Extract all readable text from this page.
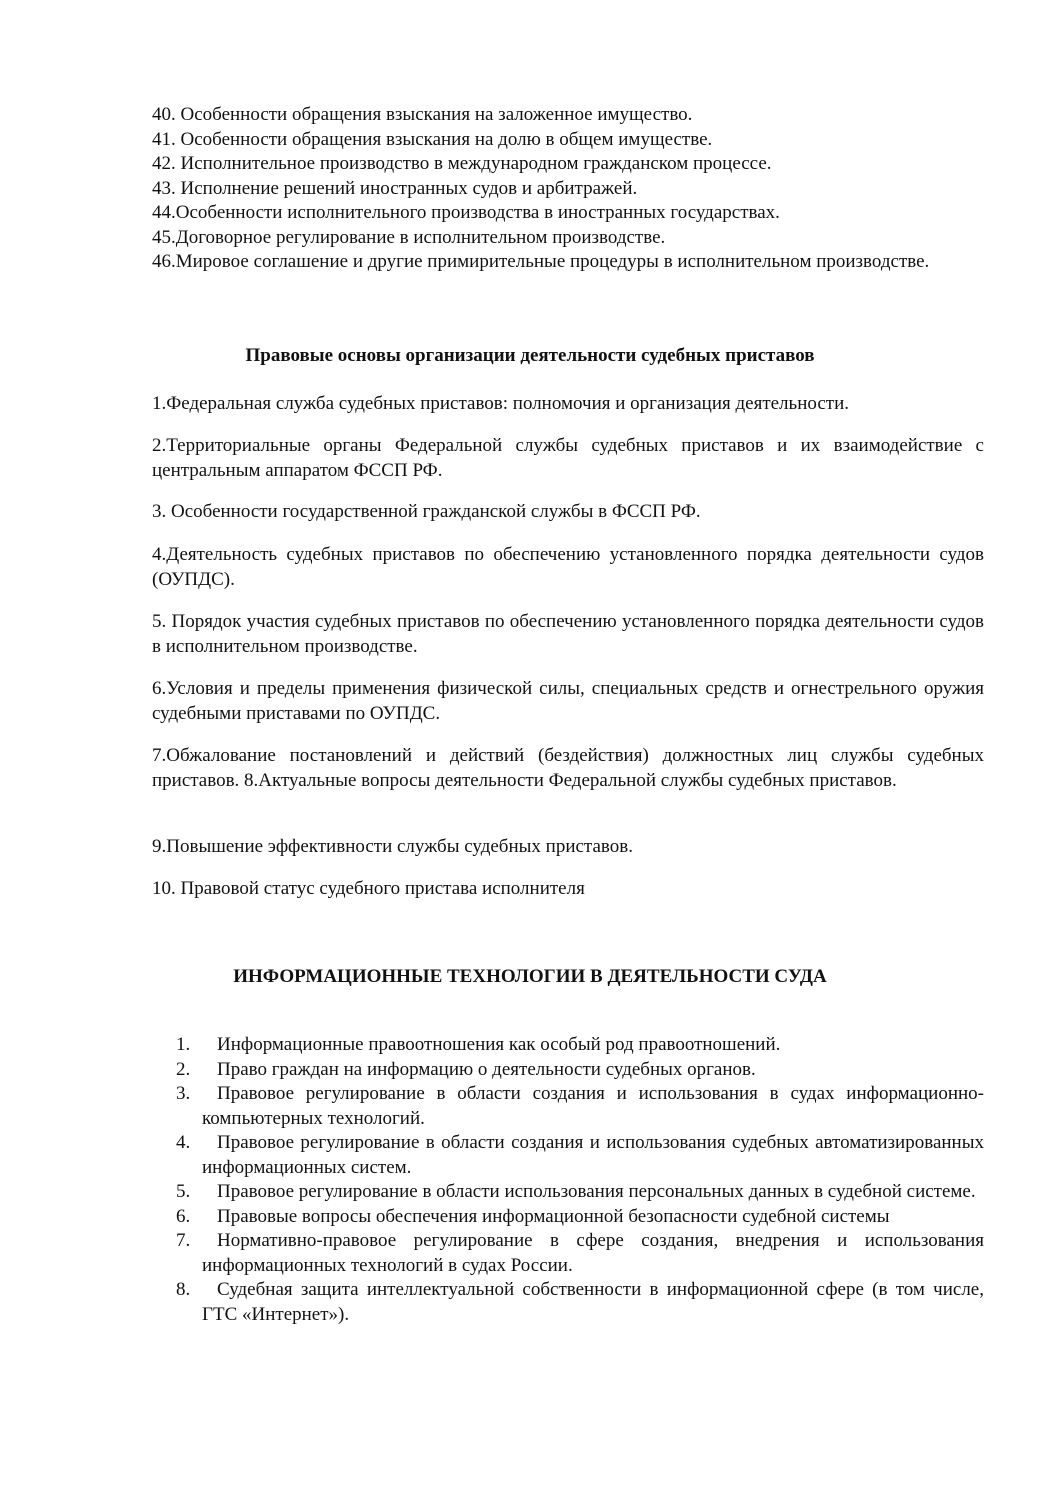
40. Особенности обращения взыскания на заложенное имущество.

41. Особенности обращения взыскания на долю в общем имуществе.

42. Исполнительное производство в международном гражданском процессе.

43. Исполнение решений иностранных судов и арбитражей.

44.Особенности исполнительного производства в иностранных государствах.

45.Договорное регулирование в исполнительном производстве.

46.Мировое соглашение и другие примирительные процедуры в исполнительном производстве.

Правовые основы организации деятельности судебных приставов

1.Федеральная служба судебных приставов: полномочия и организация деятельности.

2.Территориальные органы Федеральной службы судебных приставов и их взаимодействие с центральным аппаратом ФССП РФ.

3. Особенности государственной гражданской службы в ФССП РФ.

4.Деятельность судебных приставов по обеспечению установленного порядка деятельности судов (ОУПДС).

5. Порядок участия судебных приставов по обеспечению установленного порядка деятельности судов в исполнительном производстве.

6.Условия и пределы применения физической силы, специальных средств и огнестрельного оружия судебными приставами по ОУПДС.

7.Обжалование постановлений и действий (бездействия) должностных лиц службы судебных приставов. 8.Актуальные вопросы деятельности Федеральной службы судебных приставов.

9.Повышение эффективности службы судебных приставов.

10. Правовой статус судебного пристава исполнителя

ИНФОРМАЦИОННЫЕ ТЕХНОЛОГИИ В ДЕЯТЕЛЬНОСТИ СУДА
1.	Информационные правоотношения как особый род правоотношений.
2.	Право граждан на информацию о деятельности судебных органов.
3.	Правовое регулирование в области создания и использования в судах информационно-компьютерных технологий.
4.	Правовое регулирование в области создания и использования судебных автоматизированных информационных систем.
5.	Правовое регулирование в области использования персональных данных в судебной системе.
6.	Правовые вопросы обеспечения информационной безопасности судебной системы
7.	Нормативно-правовое регулирование в сфере создания, внедрения и использования информационных технологий в судах России.
8.	Судебная защита интеллектуальной собственности в информационной сфере (в том числе, ГТС «Интернет»).
